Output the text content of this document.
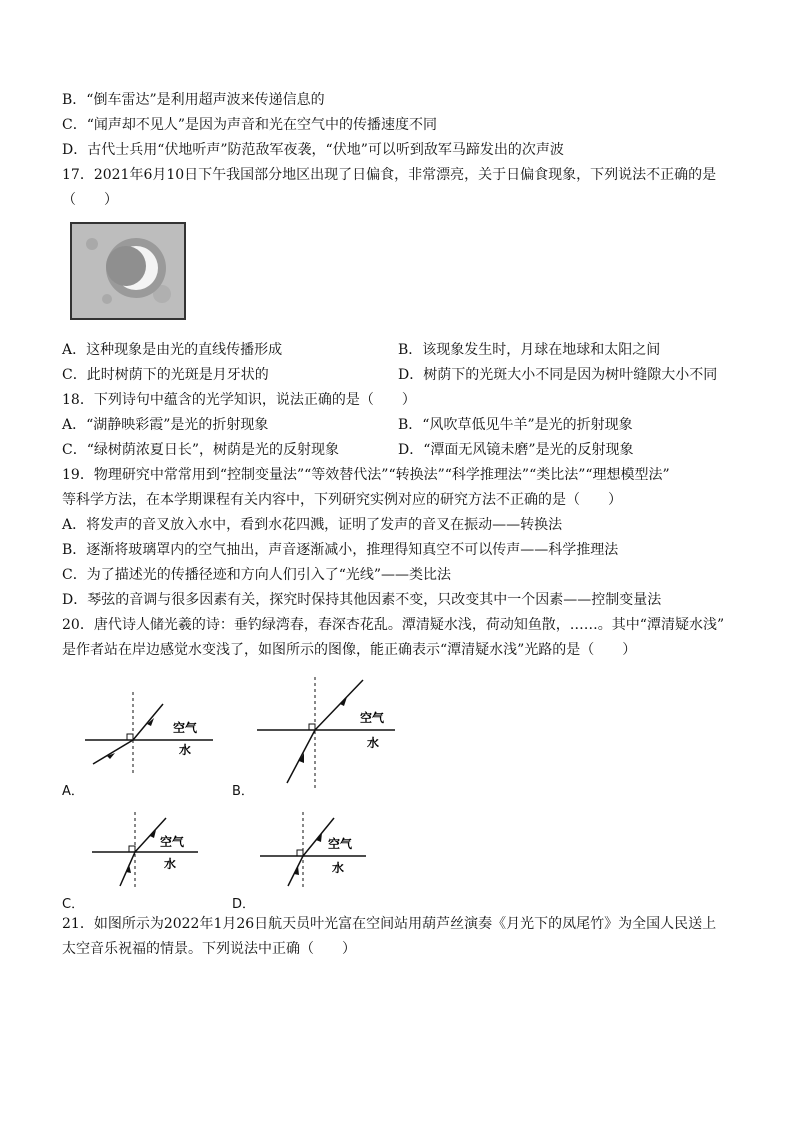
B．“倒车雷达”是利用超声波来传递信息的
C．“闻声却不见人”是因为声音和光在空气中的传播速度不同
D．古代士兵用“伏地听声”防范敌军夜袭，“伏地”可以听到敌军马蹄发出的次声波
17．2021年6月10日下午我国部分地区出现了日偏食，非常漂亮，关于日偏食现象，下列说法不正确的是
（　　）
A．这种现象是由光的直线传播形成	B．该现象发生时，月球在地球和太阳之间
C．此时树荫下的光斑是月牙状的	D．树荫下的光斑大小不同是因为树叶缝隙大小不同
18．下列诗句中蕴含的光学知识，说法正确的是（　　）
A．“湖静映彩霞”是光的折射现象	B．“风吹草低见牛羊”是光的折射现象
C．“绿树荫浓夏日长”，树荫是光的反射现象	D．“潭面无风镜未磨”是光的反射现象
19．物理研究中常常用到“控制变量法”“等效替代法”“转换法”“科学推理法”“类比法”“理想模型法”
等科学方法，在本学期课程有关内容中，下列研究实例对应的研究方法不正确的是（　　）
A．将发声的音叉放入水中，看到水花四溅，证明了发声的音叉在振动——转换法
B．逐渐将玻璃罩内的空气抽出，声音逐渐减小，推理得知真空不可以传声——科学推理法
C．为了描述光的传播径迹和方向人们引入了“光线”——类比法
D．琴弦的音调与很多因素有关，探究时保持其他因素不变，只改变其中一个因素——控制变量法
20．唐代诗人储光羲的诗：垂钓绿湾春，春深杏花乱。潭清疑水浅，荷动知鱼散，……。其中“潭清疑水浅”
是作者站在岸边感觉水变浅了，如图所示的图像，能正确表示“潭清疑水浅”光路的是（　　）
空气
水
A．
空气
水
B．
空气
水
C．
空气
水
D．
21．如图所示为2022年1月26日航天员叶光富在空间站用葫芦丝演奏《月光下的凤尾竹》为全国人民送上
太空音乐祝福的情景。下列说法中正确（　　）
